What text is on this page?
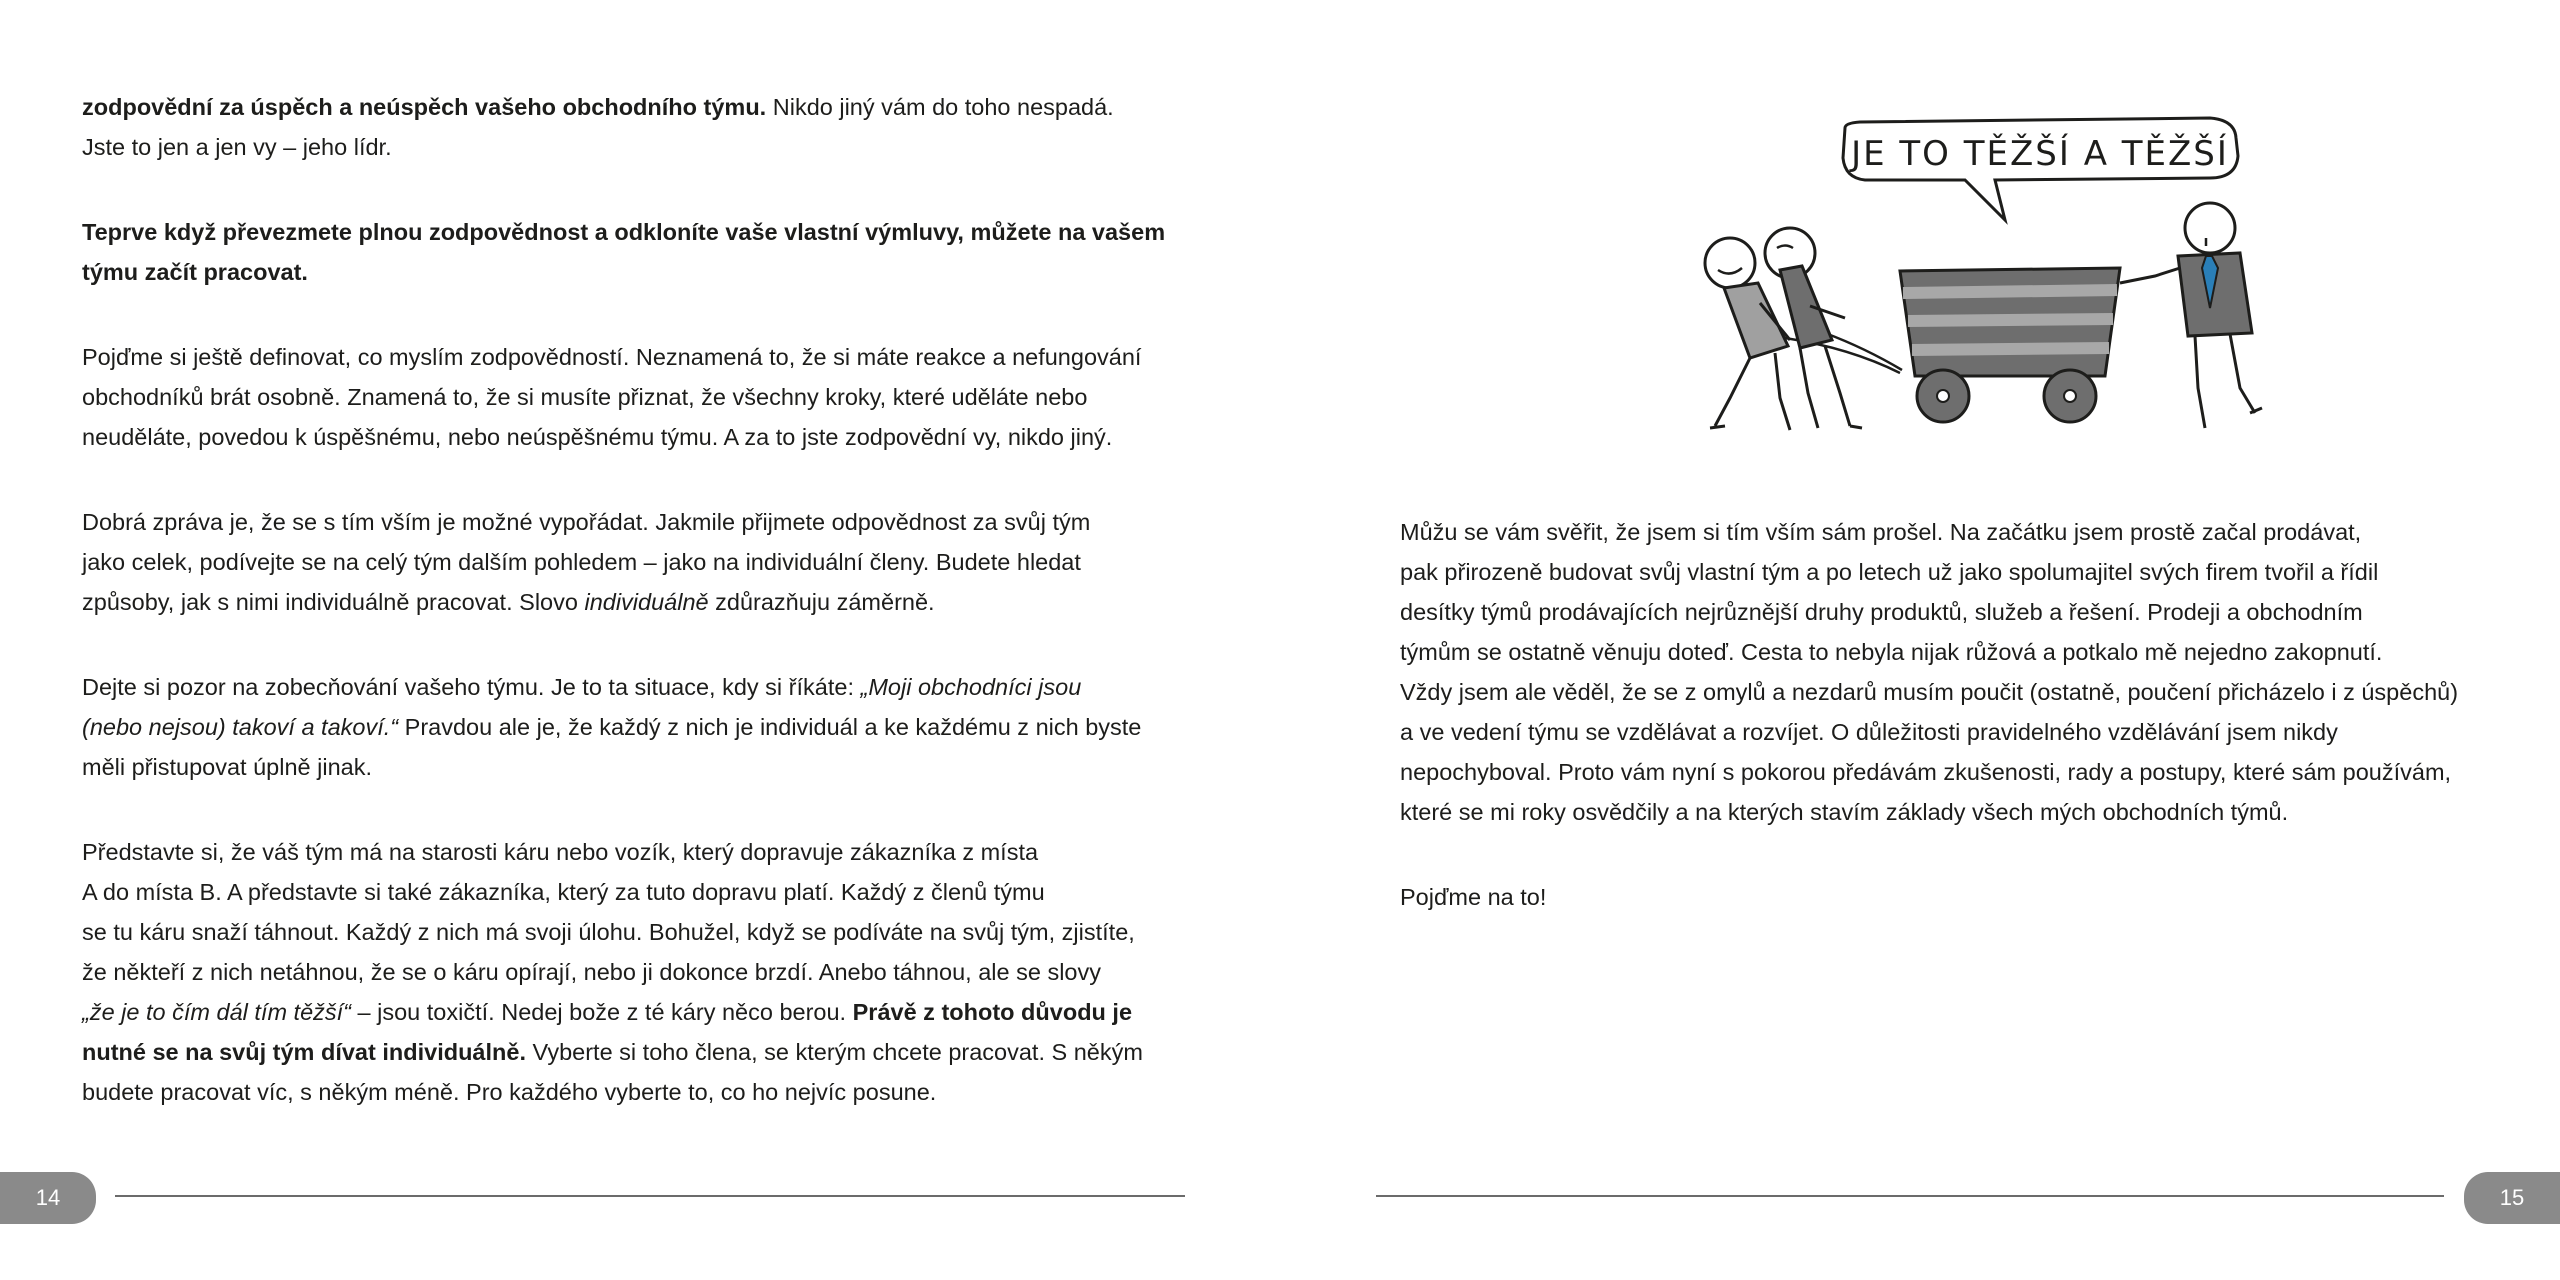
zodpovědní za úspěch a neúspěch vašeho obchodního týmu. Nikdo jiný vám do toho nespadá.
Jste to jen a jen vy – jeho lídr.

Teprve když převezmete plnou zodpovědnost a odkloníte vaše vlastní výmluvy, můžete na vašem
týmu začít pracovat.

Pojďme si ještě definovat, co myslím zodpovědností. Neznamená to, že si máte reakce a nefungování
obchodníků brát osobně. Znamená to, že si musíte přiznat, že všechny kroky, které uděláte nebo
neuděláte, povedou k úspěšnému, nebo neúspěšnému týmu. A za to jste zodpovědní vy, nikdo jiný.

Dobrá zpráva je, že se s tím vším je možné vypořádat. Jakmile přijmete odpovědnost za svůj tým
jako celek, podívejte se na celý tým dalším pohledem – jako na individuální členy. Budete hledat
způsoby, jak s nimi individuálně pracovat. Slovo individuálně zdůrazňuju záměrně.

Dejte si pozor na zobecňování vašeho týmu. Je to ta situace, kdy si říkáte: „Moji obchodníci jsou
(nebo nejsou) takoví a takoví.“ Pravdou ale je, že každý z nich je individuál a ke každému z nich byste
měli přistupovat úplně jinak.

Představte si, že váš tým má na starosti káru nebo vozík, který dopravuje zákazníka z místa
A do místa B. A představte si také zákazníka, který za tuto dopravu platí. Každý z členů týmu
se tu káru snaží táhnout. Každý z nich má svoji úlohu. Bohužel, když se podíváte na svůj tým, zjistíte,
že někteří z nich netáhnou, že se o káru opírají, nebo ji dokonce brzdí. Anebo táhnou, ale se slovy
„že je to čím dál tím těžší“ – jsou toxičtí. Nedej bože z té káry něco berou. Právě z tohoto důvodu je
nutné se na svůj tým dívat individuálně. Vyberte si toho člena, se kterým chcete pracovat. S někým
budete pracovat víc, s někým méně. Pro každého vyberte to, co ho nejvíc posune.

14
JE TO TĚŽŠÍ A TĚŽŠÍ

Můžu se vám svěřit, že jsem si tím vším sám prošel. Na začátku jsem prostě začal prodávat,
pak přirozeně budovat svůj vlastní tým a po letech už jako spolumajitel svých firem tvořil a řídil
desítky týmů prodávajících nejrůznější druhy produktů, služeb a řešení. Prodeji a obchodním
týmům se ostatně věnuju doteď. Cesta to nebyla nijak růžová a potkalo mě nejedno zakopnutí.
Vždy jsem ale věděl, že se z omylů a nezdarů musím poučit (ostatně, poučení přicházelo i z úspěchů)
a ve vedení týmu se vzdělávat a rozvíjet. O důležitosti pravidelného vzdělávání jsem nikdy
nepochyboval. Proto vám nyní s pokorou předávám zkušenosti, rady a postupy, které sám používám,
které se mi roky osvědčily a na kterých stavím základy všech mých obchodních týmů.

Pojďme na to!

15
